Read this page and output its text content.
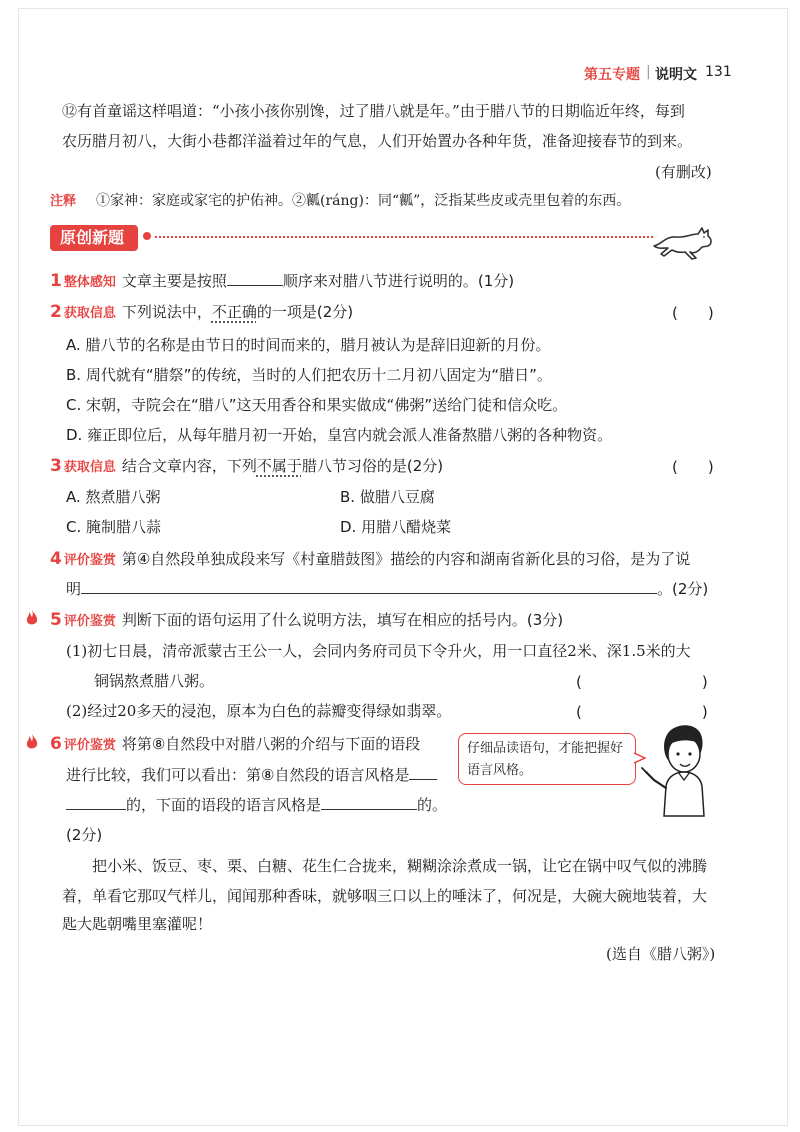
第五专题 | 说明文 131
⑫有首童谣这样唱道：“小孩小孩你别馋，过了腊八就是年。”由于腊八节的日期临近年终，每到
农历腊月初八，大街小巷都洋溢着过年的气息，人们开始置办各种年货，准备迎接春节的到来。
(有删改)
注释 ①家神：家庭或家宅的护佑神。②瓤(ráng)：同“瓤”，泛指某些皮或壳里包着的东西。
原创新题
1 整体感知 文章主要是按照	顺序来对腊八节进行说明的。(1分)
2 获取信息 下列说法中，不正确的一项是(2分)	(　　)
A. 腊八节的名称是由节日的时间而来的，腊月被认为是辞旧迎新的月份。
B. 周代就有“腊祭”的传统，当时的人们把农历十二月初八固定为“腊日”。
C. 宋朝，寺院会在“腊八”这天用香谷和果实做成“佛粥”送给门徒和信众吃。
D. 雍正即位后，从每年腊月初一开始，皇宫内就会派人准备熬腊八粥的各种物资。
3 获取信息 结合文章内容，下列不属于腊八节习俗的是(2分)	(　　)
A. 熬煮腊八粥	B. 做腊八豆腐
C. 腌制腊八蒜	D. 用腊八醋烧菜
4 评价鉴赏 第④自然段单独成段来写《村童腊鼓图》描绘的内容和湖南省新化县的习俗，是为了说
明	。(2分)
5 评价鉴赏 判断下面的语句运用了什么说明方法，填写在相应的括号内。(3分)
(1)初七日晨，清帝派蒙古王公一人，会同内务府司员下令升火，用一口直径2米、深1.5米的大
铜锅熬煮腊八粥。	(　　　　　　　　)
(2)经过20多天的浸泡，原本为白色的蒜瓣变得绿如翡翠。	(　　　　　　　　)
6 评价鉴赏 将第⑧自然段中对腊八粥的介绍与下面的语段
进行比较，我们可以看出：第⑧自然段的语言风格是
的，下面的语段的语言风格是	的。
(2分)
仔细品读语句，才能把握好语言风格。
把小米、饭豆、枣、栗、白糖、花生仁合拢来，糊糊涂涂煮成一锅，让它在锅中叹气似的沸腾
着，单看它那叹气样儿，闻闻那种香味，就够咽三口以上的唾沫了，何况是，大碗大碗地装着，大
匙大匙朝嘴里塞灌呢！
(选自《腊八粥》)
